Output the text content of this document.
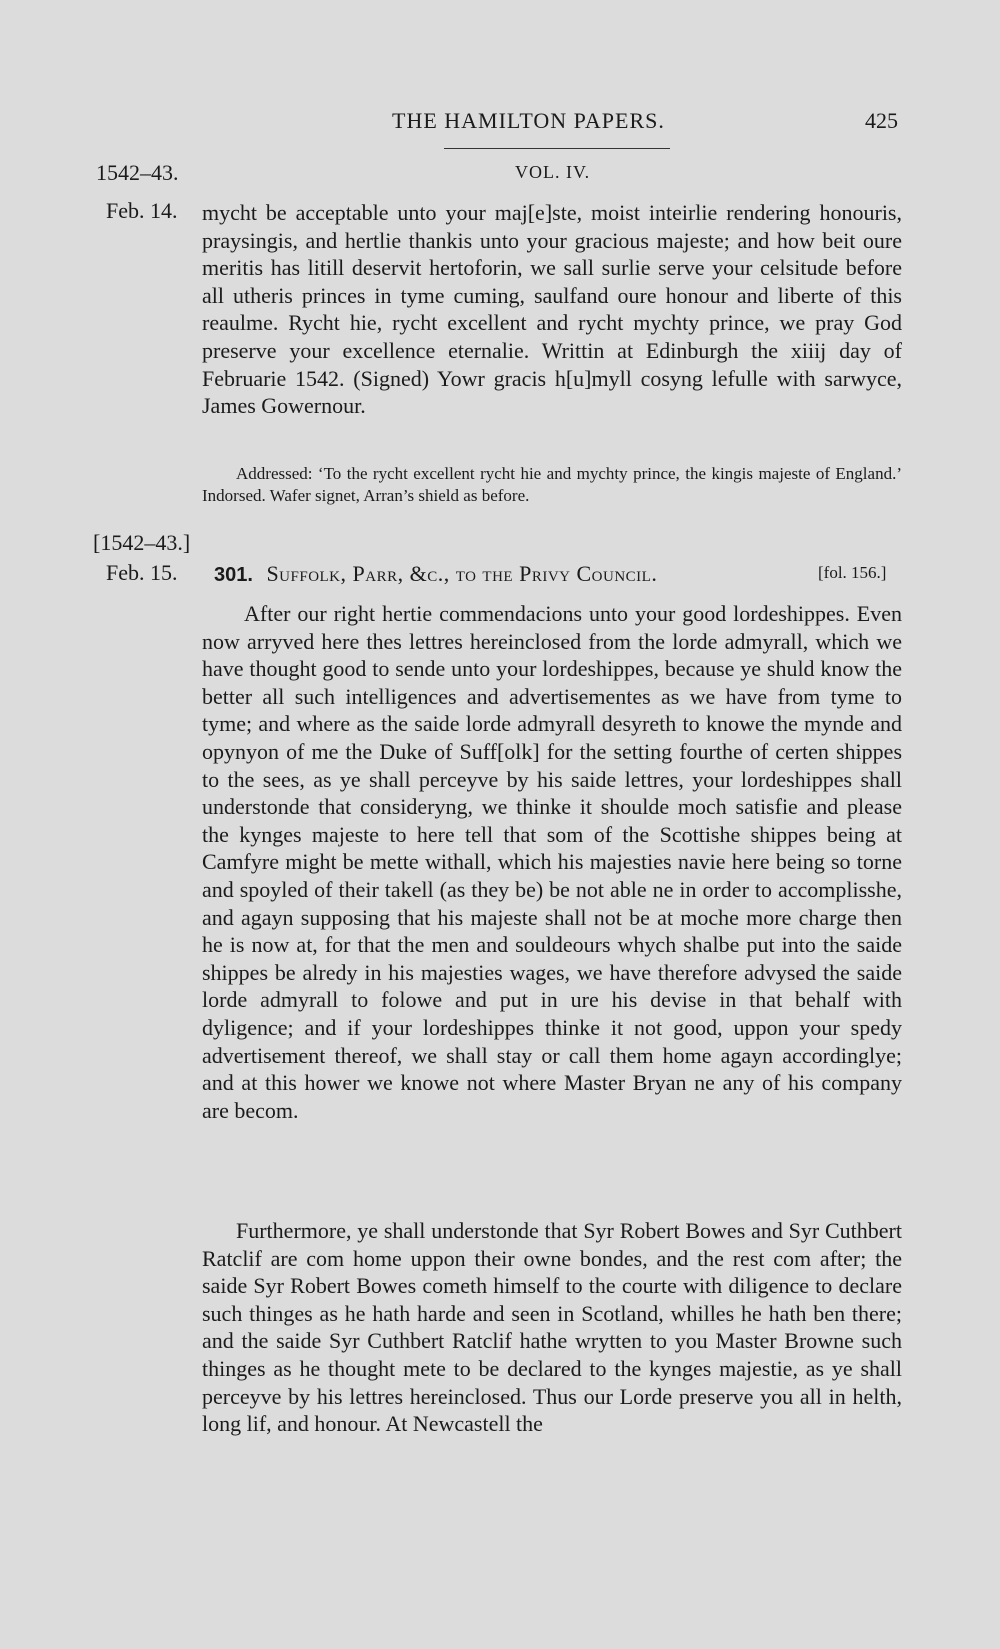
THE HAMILTON PAPERS.	425
1542–43.	VOL. IV.
Feb. 14. mycht be acceptable unto your maj[e]ste, moist inteirlie rendering honouris, praysingis, and hertlie thankis unto your gracious majeste; and how beit oure meritis has litill deservit hertoforin, we sall surlie serve your celsitude before all utheris princes in tyme cuming, saulfand oure honour and liberte of this reaulme. Rycht hie, rycht excellent and rycht mychty prince, we pray God preserve your excellence eternalie. Writtin at Edinburgh the xiiij day of Februarie 1542. (Signed) Yowr gracis h[u]myll cosyng lefulle with sarwyce, James Gowernour.

Addressed: ‘To the rycht excellent rycht hie and mychty prince, the kingis majeste of England.’ Indorsed. Wafer signet, Arran’s shield as before.

[1542–43.]
Feb. 15. 301. Suffolk, Parr, &c., to the Privy Council.	[fol. 156.]

After our right hertie commendacions unto your good lordeshippes. Even now arryved here thes lettres hereinclosed from the lorde admyrall, which we have thought good to sende unto your lordeshippes, because ye shuld know the better all such intelligences and advertisementes as we have from tyme to tyme; and where as the saide lorde admyrall desyreth to knowe the mynde and opynyon of me the Duke of Suff[olk] for the setting fourthe of certen shippes to the sees, as ye shall perceyve by his saide lettres, your lordeshippes shall understonde that consideryng, we thinke it shoulde moch satisfie and please the kynges majeste to here tell that som of the Scottishe shippes being at Camfyre might be mette withall, which his majesties navie here being so torne and spoyled of their takell (as they be) be not able ne in order to accomplisshe, and agayn supposing that his majeste shall not be at moche more charge then he is now at, for that the men and souldeours whych shalbe put into the saide shippes be alredy in his majesties wages, we have therefore advysed the saide lorde admyrall to folowe and put in ure his devise in that behalf with dyligence; and if your lordeshippes thinke it not good, uppon your spedy advertisement thereof, we shall stay or call them home agayn accordinglye; and at this hower we knowe not where Master Bryan ne any of his company are becom.

Furthermore, ye shall understonde that Syr Robert Bowes and Syr Cuthbert Ratclif are com home uppon their owne bondes, and the rest com after; the saide Syr Robert Bowes cometh himself to the courte with diligence to declare such thinges as he hath harde and seen in Scotland, whilles he hath ben there; and the saide Syr Cuthbert Ratclif hathe wrytten to you Master Browne such thinges as he thought mete to be declared to the kynges majestie, as ye shall perceyve by his lettres hereinclosed. Thus our Lorde preserve you all in helth, long lif, and honour. At Newcastell the
